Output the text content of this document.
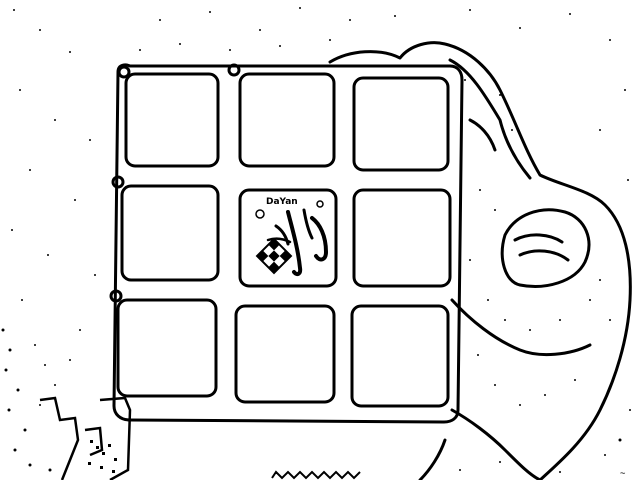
DaYan
~
